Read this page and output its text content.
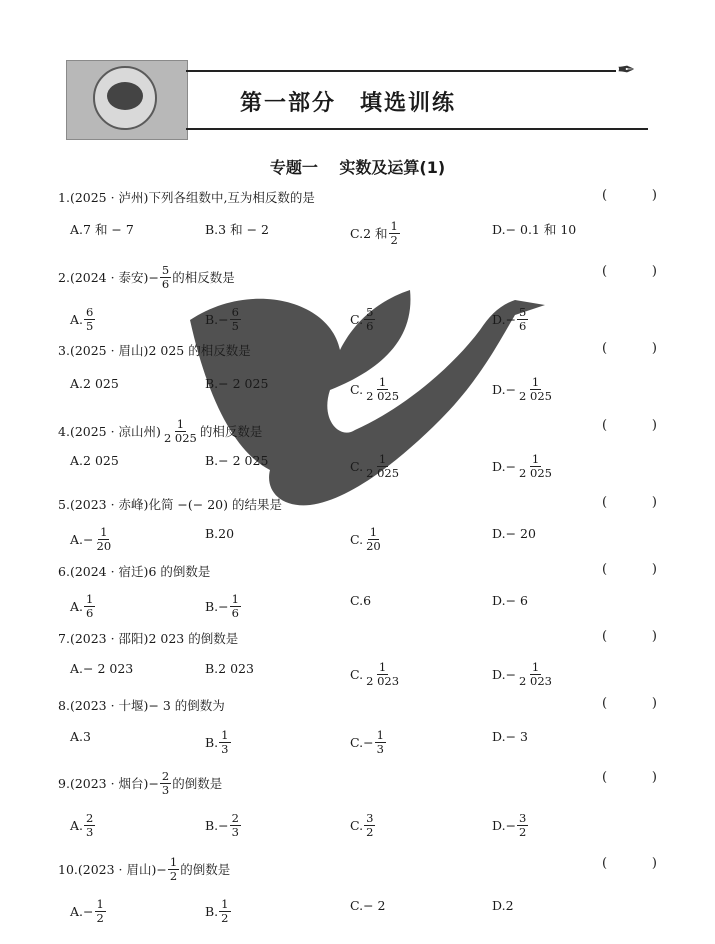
✒
第一部分　填选训练
专题一　 实数及运算(1)
1. (2025 · 泸州) 下列各组数中,互为相反数的是	(	)
A. 7 和 − 7	B. 3 和 − 2	C. 2 和 $\frac{1}{2}$	D. − 0.1 和 10
2. (2024 · 泰安) − $\frac{5}{6}$ 的相反数是	(	)
A. $\frac{6}{5}$	B. − $\frac{6}{5}$	C. $\frac{5}{6}$	D. − $\frac{5}{6}$
3. (2025 · 眉山) 2 025 的相反数是	(	)
A. 2 025	B. − 2 025	C. $\frac{1}{2 025}$	D. − $\frac{1}{2 025}$
4. (2025 · 凉山州) $\frac{1}{2 025}$ 的相反数是	(	)
A. 2 025	B. − 2 025	C. $\frac{1}{2 025}$	D. − $\frac{1}{2 025}$
5. (2023 · 赤峰) 化简 −(− 20) 的结果是	(	)
A. − $\frac{1}{20}$	B. 20	C. $\frac{1}{20}$	D. − 20
6. (2024 · 宿迁) 6 的倒数是	(	)
A. $\frac{1}{6}$	B. − $\frac{1}{6}$	C. 6	D. − 6
7. (2023 · 邵阳) 2 023 的倒数是	(	)
A. − 2 023	B. 2 023	C. $\frac{1}{2 023}$	D. − $\frac{1}{2 023}$
8. (2023 · 十堰) − 3 的倒数为	(	)
A. 3	B. $\frac{1}{3}$	C. − $\frac{1}{3}$	D. − 3
9. (2023 · 烟台) − $\frac{2}{3}$ 的倒数是	(	)
A. $\frac{2}{3}$	B. − $\frac{2}{3}$	C. $\frac{3}{2}$	D. − $\frac{3}{2}$
10. (2023 · 眉山) − $\frac{1}{2}$ 的倒数是	(	)
A. − $\frac{1}{2}$	B. $\frac{1}{2}$	C. − 2	D. 2
